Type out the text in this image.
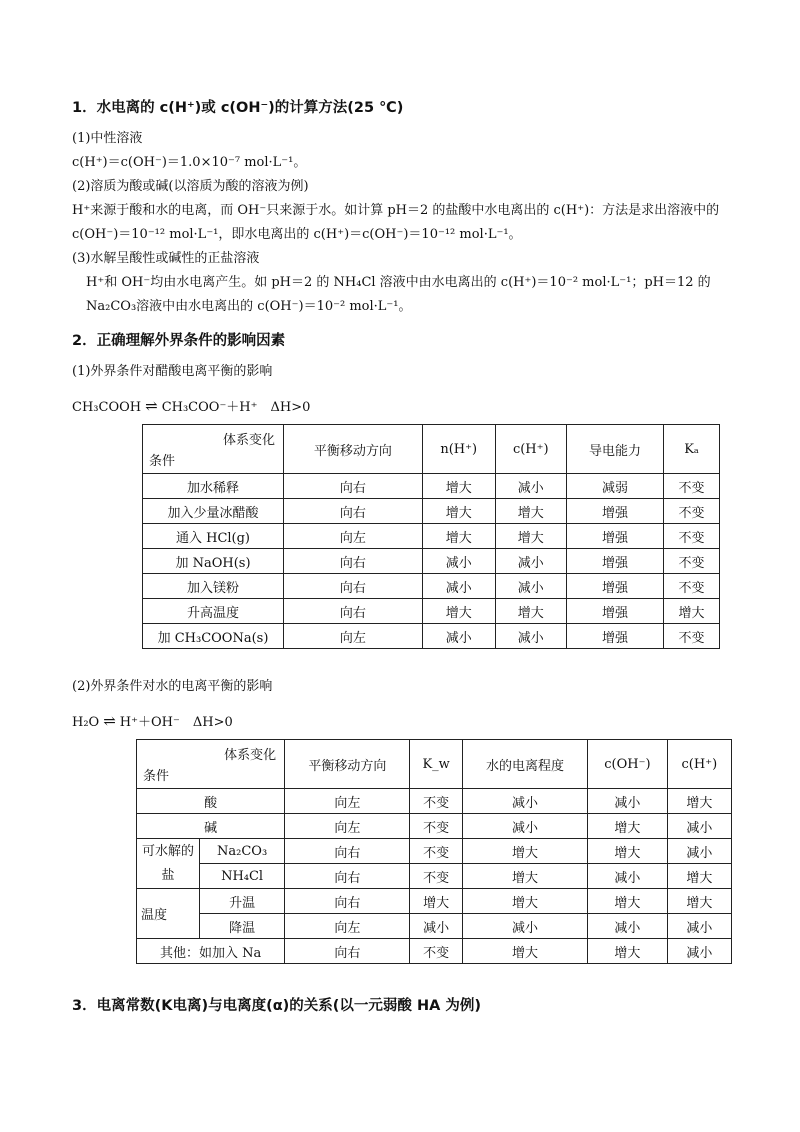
1．水电离的 c(H⁺)或 c(OH⁻)的计算方法(25 ℃)

(1)中性溶液

c(H⁺)＝c(OH⁻)＝1.0×10⁻⁷ mol·L⁻¹。

(2)溶质为酸或碱(以溶质为酸的溶液为例)

H⁺来源于酸和水的电离，而 OH⁻只来源于水。如计算 pH＝2 的盐酸中水电离出的 c(H⁺)：方法是求出溶液中的 c(OH⁻)＝10⁻¹² mol·L⁻¹，即水电离出的 c(H⁺)＝c(OH⁻)＝10⁻¹² mol·L⁻¹。

(3)水解呈酸性或碱性的正盐溶液

H⁺和 OH⁻均由水电离产生。如 pH＝2 的 NH₄Cl 溶液中由水电离出的 c(H⁺)＝10⁻² mol·L⁻¹；pH＝12 的 Na₂CO₃溶液中由水电离出的 c(OH⁻)＝10⁻² mol·L⁻¹。

2．正确理解外界条件的影响因素

(1)外界条件对醋酸电离平衡的影响

CH₃COOH ⇌ CH₃COO⁻＋H⁺　ΔH>0
体系变化
条件	平衡移动方向	n(H⁺)	c(H⁺)	导电能力	Kₐ
加水稀释	向右	增大	减小	减弱	不变
加入少量冰醋酸	向右	增大	增大	增强	不变
通入 HCl(g)	向左	增大	增大	增强	不变
加 NaOH(s)	向右	减小	减小	增强	不变
加入镁粉	向右	减小	减小	增强	不变
升高温度	向右	增大	增大	增强	增大
加 CH₃COONa(s)	向左	减小	减小	增强	不变

(2)外界条件对水的电离平衡的影响

H₂O ⇌ H⁺＋OH⁻　ΔH>0
体系变化
条件		平衡移动方向	K_w	水的电离程度	c(OH⁻)	c(H⁺)
酸		向左	不变	减小	减小	增大
碱		向左	不变	减小	增大	减小
可水解的盐	Na₂CO₃	向右	不变	增大	增大	减小
	NH₄Cl	向右	不变	增大	减小	增大
温度	升温	向右	增大	增大	增大	增大
	降温	向左	减小	减小	减小	减小
其他：如加入 Na		向右	不变	增大	增大	减小
3．电离常数(K电离)与电离度(α)的关系(以一元弱酸 HA 为例)
